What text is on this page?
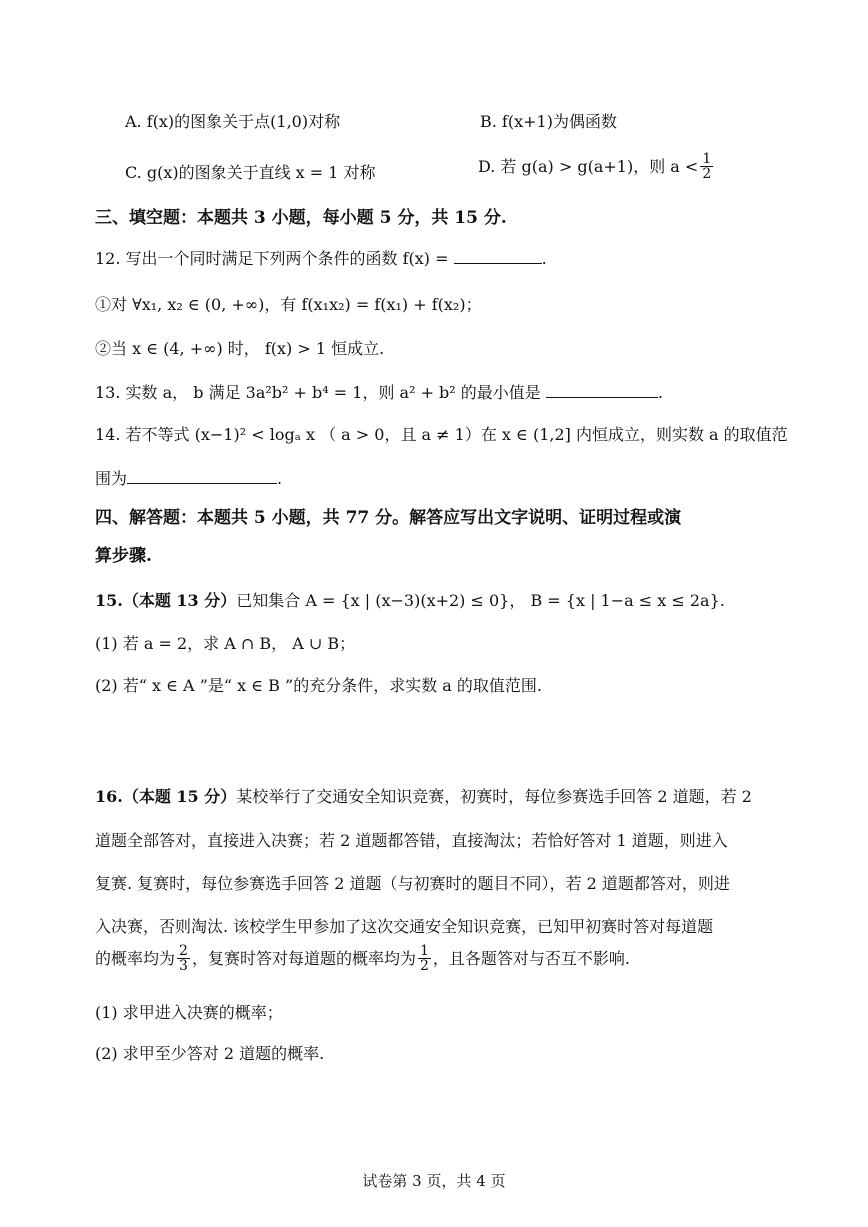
A. f(x)的图象关于点(1,0)对称	B. f(x+1)为偶函数
C. g(x)的图象关于直线 x = 1 对称	D. 若 g(a) > g(a+1)，则 $a < \frac{1}{2}$
三、填空题：本题共 3 小题，每小题 5 分，共 15 分.
12. 写出一个同时满足下列两个条件的函数 f(x) =	.
①对 ∀x₁, x₂ ∈ (0, +∞)，有 f(x₁x₂) = f(x₁) + f(x₂)；
②当 x ∈ (4, +∞) 时， f(x) > 1 恒成立.
13. 实数 a， b 满足 3a²b² + b⁴ = 1，则 a² + b² 的最小值是	.
14. 若不等式 (x−1)² < logₐ x （ a > 0，且 a ≠ 1）在 x ∈ (1,2] 内恒成立，则实数 a 的取值范
围为	.
四、解答题：本题共 5 小题，共 77 分。解答应写出文字说明、证明过程或演
算步骤.
15.（本题 13 分）已知集合 A = {x | (x−3)(x+2) ≤ 0}， B = {x | 1−a ≤ x ≤ 2a}.
(1) 若 a = 2，求 A ∩ B， A ∪ B；
(2) 若“ x ∈ A ”是“ x ∈ B ”的充分条件，求实数 a 的取值范围.
16.（本题 15 分）某校举行了交通安全知识竞赛，初赛时，每位参赛选手回答 2 道题，若 2
道题全部答对，直接进入决赛；若 2 道题都答错，直接淘汰；若恰好答对 1 道题，则进入
复赛. 复赛时，每位参赛选手回答 2 道题（与初赛时的题目不同），若 2 道题都答对，则进
入决赛，否则淘汰. 该校学生甲参加了这次交通安全知识竞赛，已知甲初赛时答对每道题
的概率均为 $\frac{2}{3}$ ，复赛时答对每道题的概率均为 $\frac{1}{2}$ ，且各题答对与否互不影响.
(1) 求甲进入决赛的概率；
(2) 求甲至少答对 2 道题的概率.
试卷第 3 页，共 4 页
